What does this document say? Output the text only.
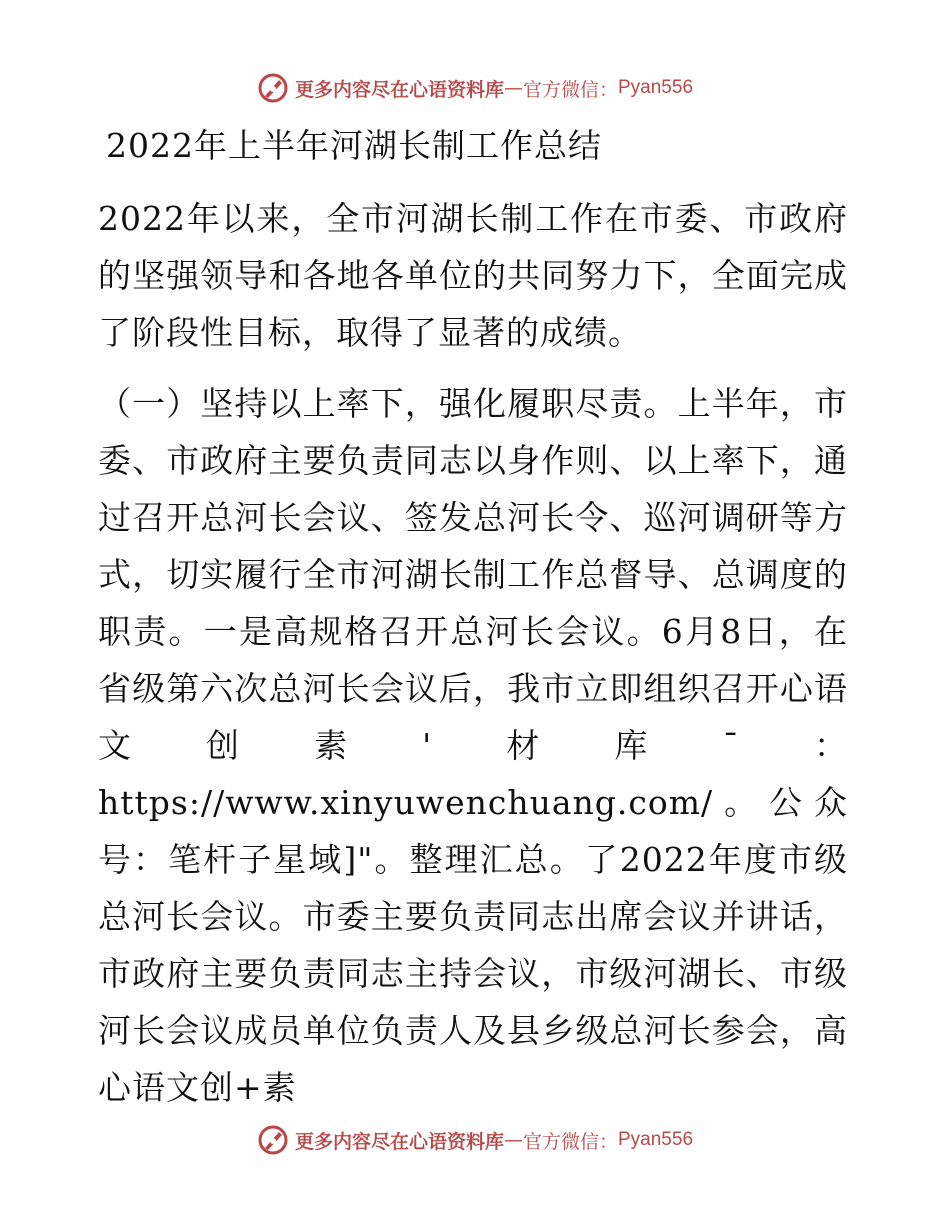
更多内容尽在心语资料库 — 官方微信： Pyan556
2022年上半年河湖长制工作总结

2022年以来，全市河湖长制工作在市委、市政府的坚强领导和各地各单位的共同努力下，全面完成了阶段性目标，取得了显著的成绩。

（一）坚持以上率下，强化履职尽责。上半年，市委、市政府主要负责同志以身作则、以上率下，通过召开总河长会议、签发总河长令、巡河调研等方式，切实履行全市河湖长制工作总督导、总调度的职责。一是高规格召开总河长会议。6月8日，在省级第六次总河长会议后，我市立即组织召开心语文创素'材库¯：https://www.xinyuwenchuang.com/。公众号：笔杆子星域]"。整理汇总。了2022年度市级总河长会议。市委主要负责同志出席会议并讲话，市政府主要负责同志主持会议，市级河湖长、市级河长会议成员单位负责人及县乡级总河长参会，高心语文创+素

更多内容尽在心语资料库 — 官方微信： Pyan556
